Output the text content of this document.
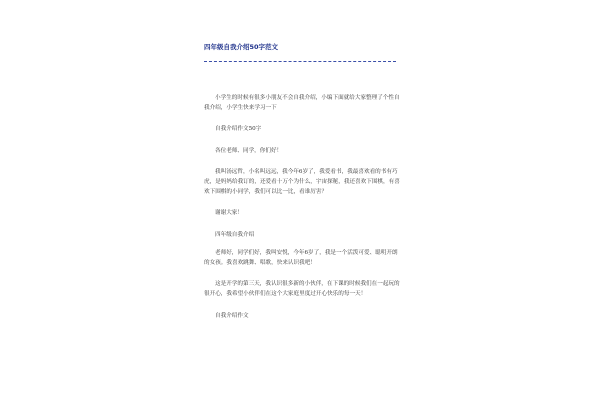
四年级自我介绍50字范文

小学生的时候有很多小朋友不会自我介绍，小编下面就给大家整理了个性自我介绍，小学生快来学习一下

自我介绍作文50字

各位老师、同学，你们好！

我叫汤远哲，小名叫远远，我今年6岁了，我爱看书，我最喜欢看的书有巧虎，是妈妈给我订的，还爱看十万个为什么，宇宙探秘，我还喜欢下围棋，有喜欢下围棋的小同学，我们可以比一比，看谁厉害？

谢谢大家！

四年级自我介绍

老师好，同学们好，我叫安悦，今年6岁了，我是一个活泼可爱、聪明开朗的女孩。我喜欢跳舞、唱歌，快来认识我吧！

这是开学的第三天，我认识很多新的小伙伴，在下课的时候我们在一起玩的很开心，我希望小伙伴们在这个大家庭里度过开心快乐的每一天！

自我介绍作文
